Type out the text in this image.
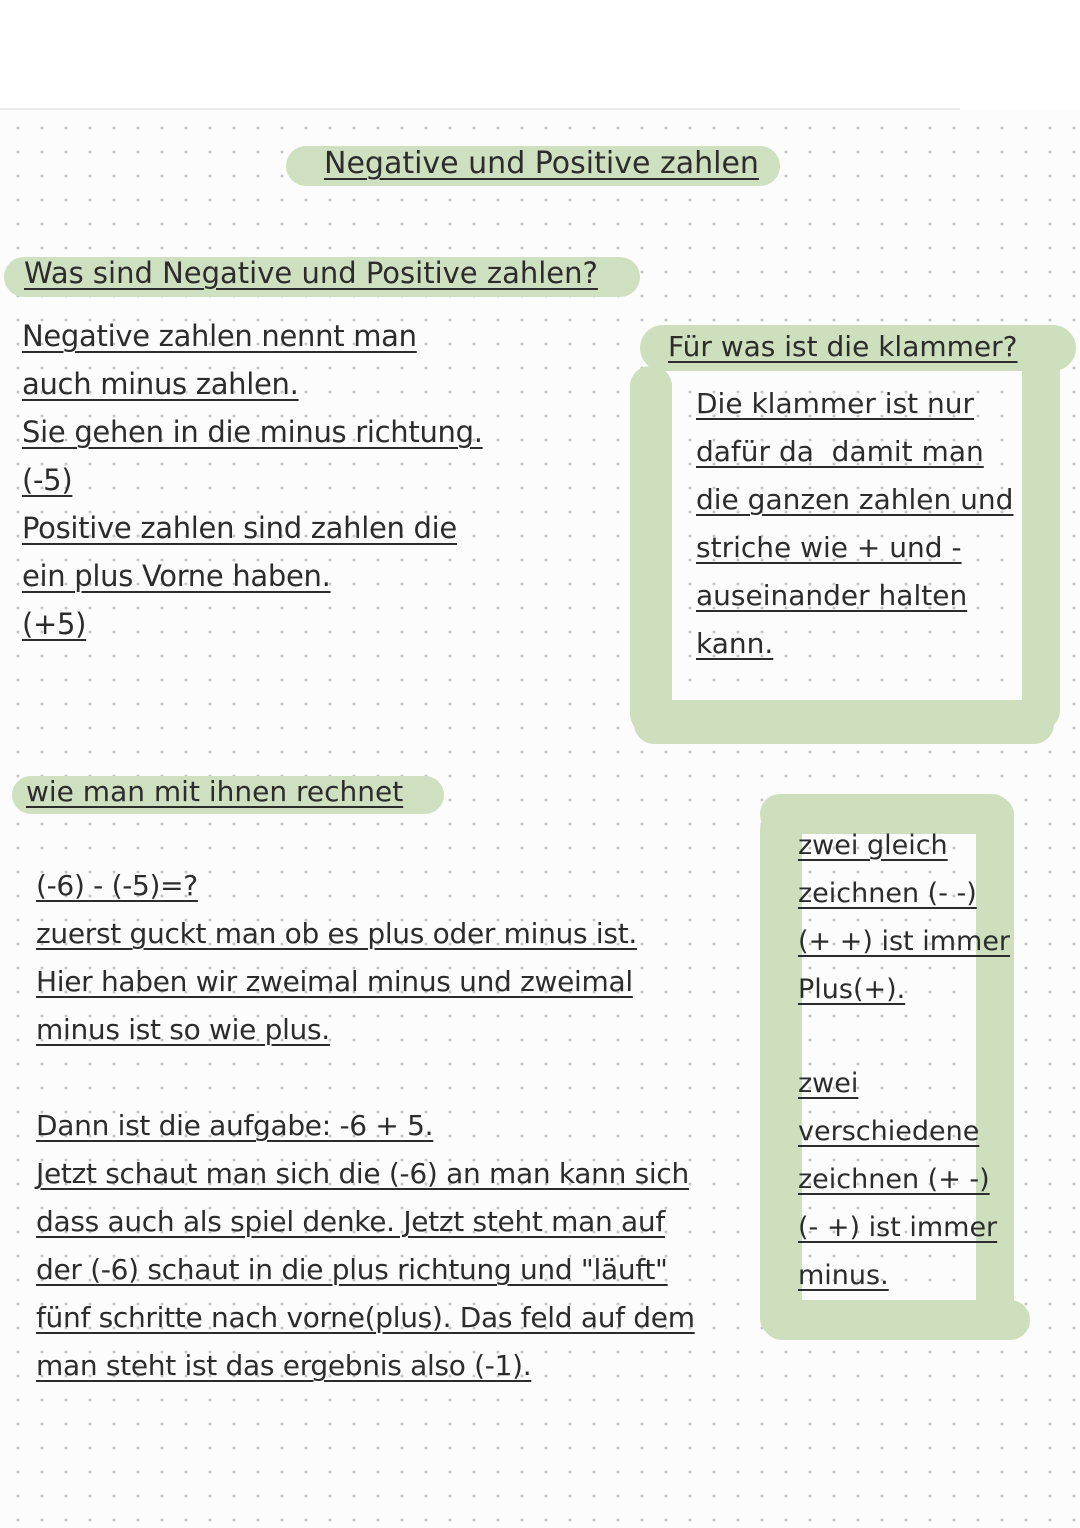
Negative und Positive zahlen
Was sind Negative und Positive zahlen?
Negative zahlen nennt man
auch minus zahlen.
Sie gehen in die minus richtung.
(-5)
Positive zahlen sind zahlen die
ein plus Vorne haben.
(+5)
Für was ist die klammer?
Die klammer ist nur
dafür da  damit man
die ganzen zahlen und
striche wie + und -
auseinander halten
kann.
wie man mit ihnen rechnet
(-6) - (-5)=?
zuerst guckt man ob es plus oder minus ist.
Hier haben wir zweimal minus und zweimal
minus ist so wie plus.
Dann ist die aufgabe: -6 + 5.
Jetzt schaut man sich die (-6) an man kann sich
dass auch als spiel denke. Jetzt steht man auf
der (-6) schaut in die plus richtung und "läuft"
fünf schritte nach vorne(plus). Das feld auf dem
man steht ist das ergebnis also (-1).
zwei gleich
zeichnen (- -)
(+ +) ist immer
Plus(+).
zwei
verschiedene
zeichnen (+ -)
(- +) ist immer
minus.
